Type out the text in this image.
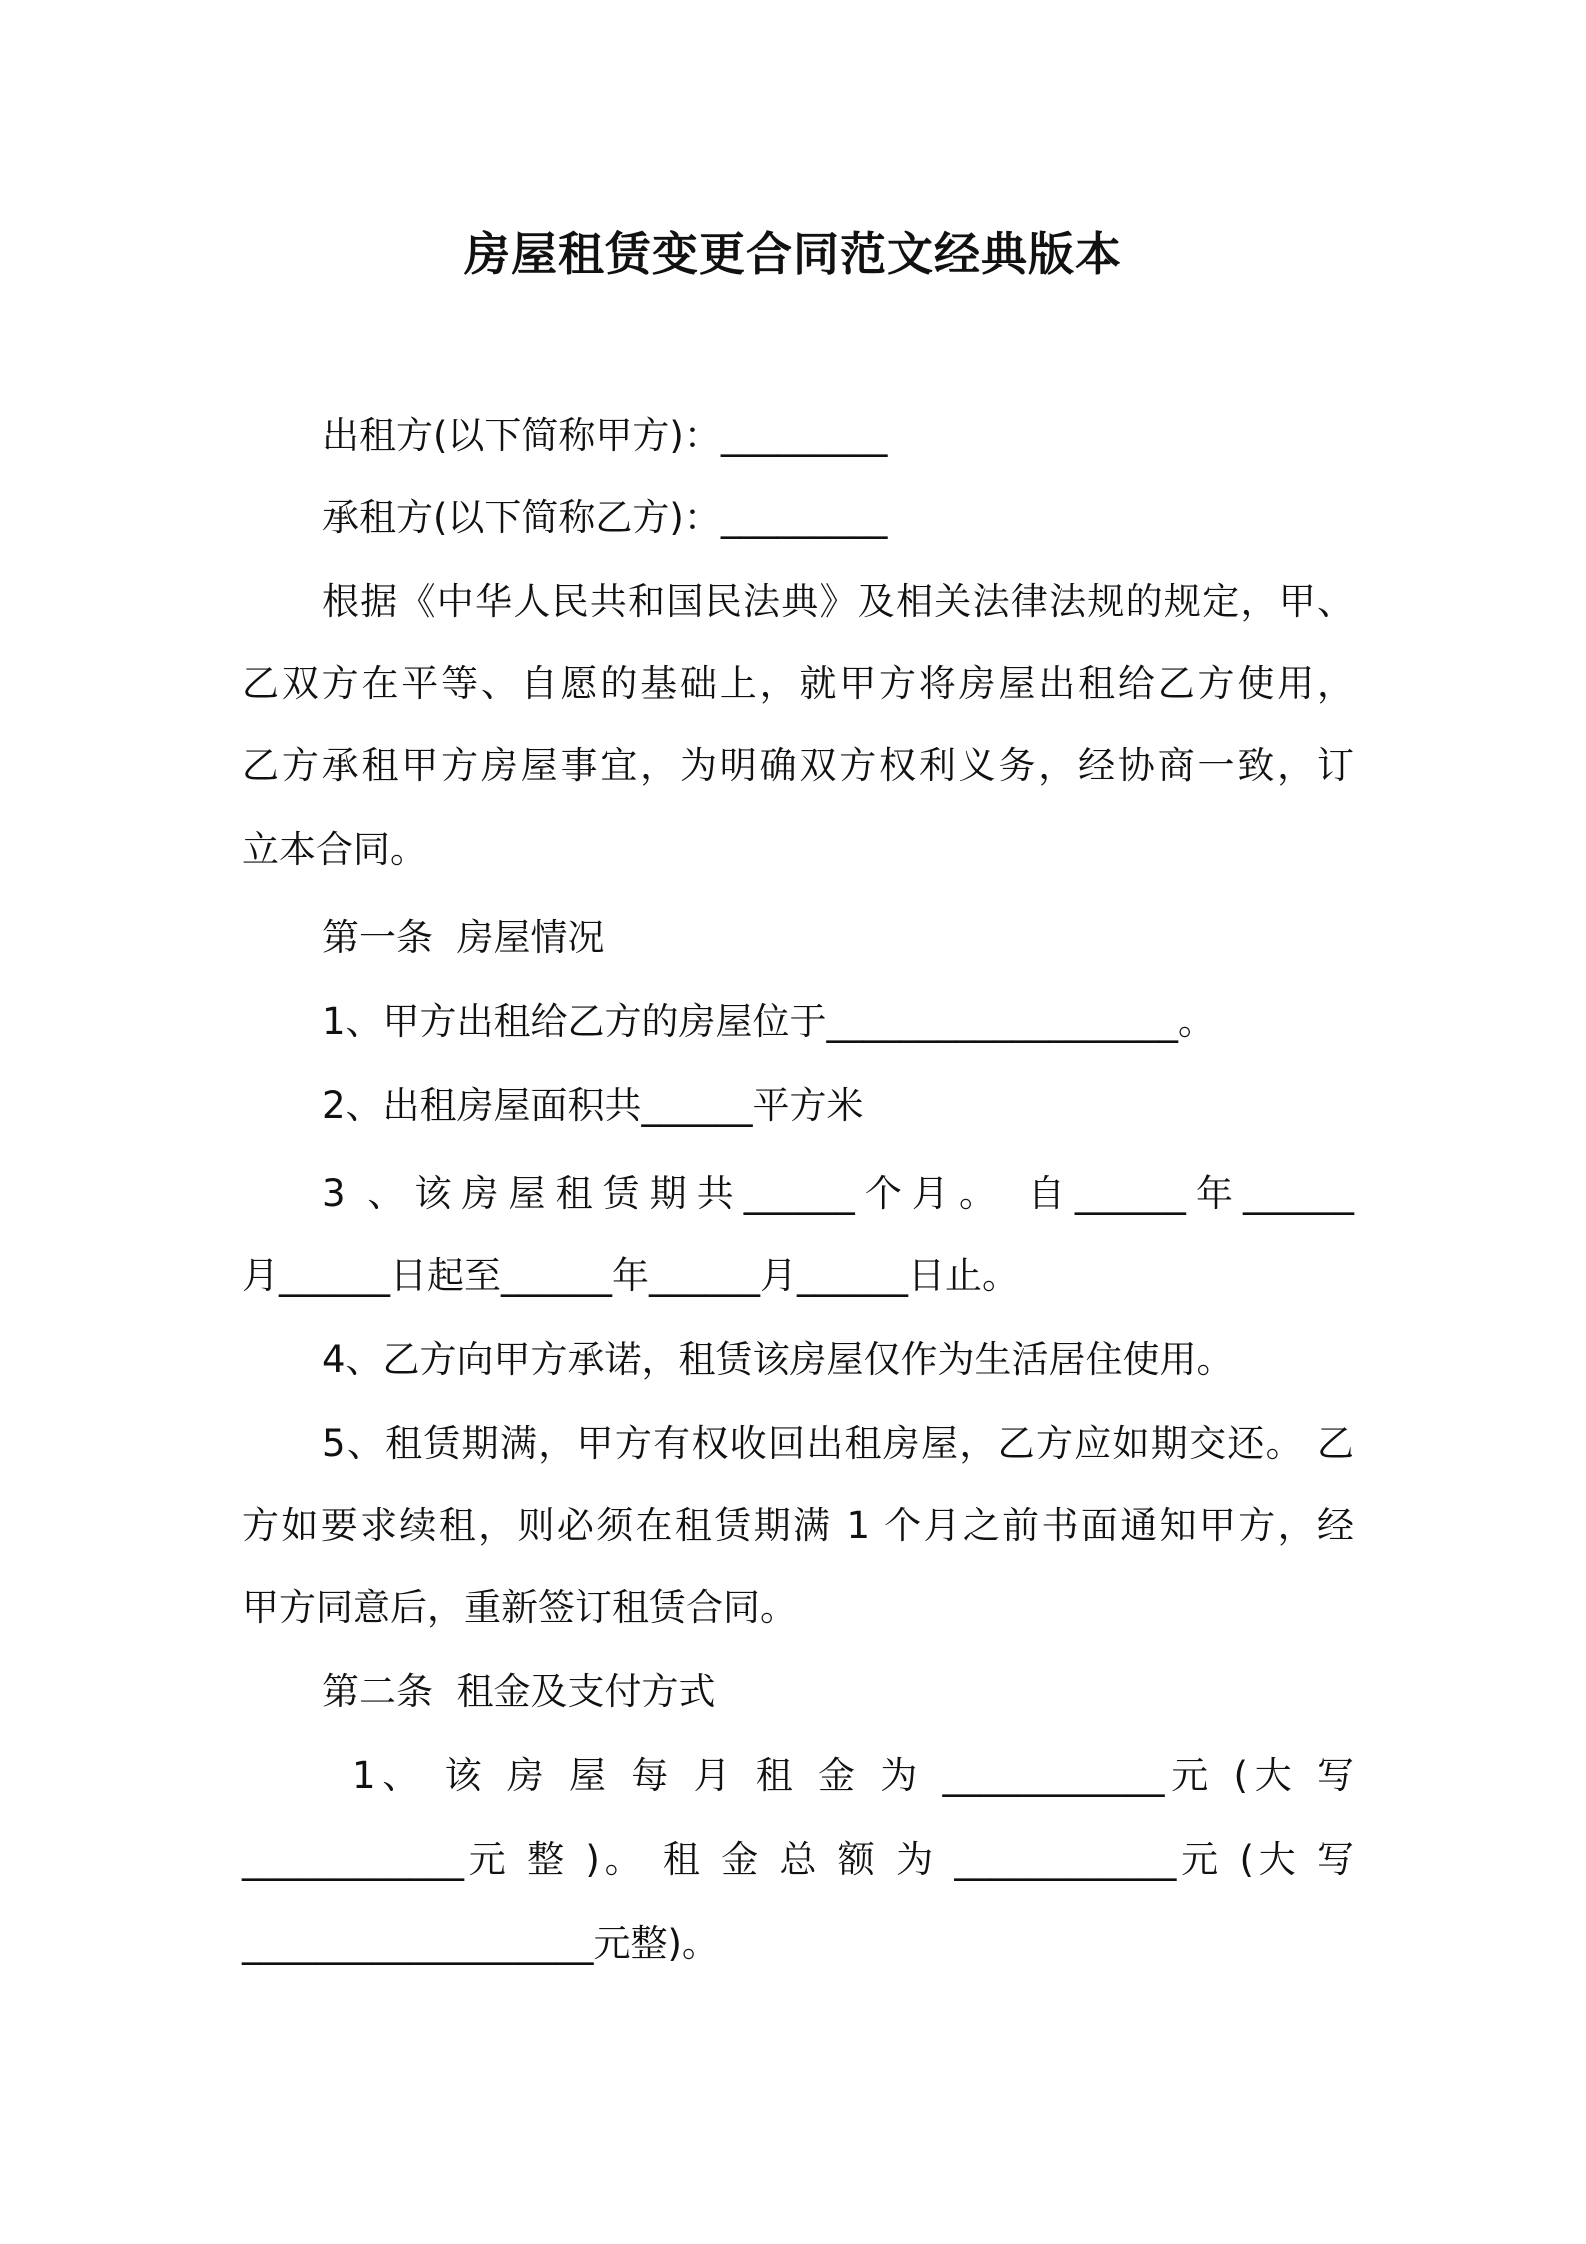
房屋租赁变更合同范文经典版本
出租方(以下简称甲方)：_________
承租方(以下简称乙方)：_________
根据《中华人民共和国民法典》及相关法律法规的规定，甲、
乙双方在平等、自愿的基础上，就甲方将房屋出租给乙方使用，
乙方承租甲方房屋事宜，为明确双方权利义务，经协商一致，订
立本合同。
第一条  房屋情况
1、甲方出租给乙方的房屋位于___________________。
2、出租房屋面积共______平方米
3 、该房屋租赁期共______个月。 自______年______
月______日起至______年______月______日止。
4、乙方向甲方承诺，租赁该房屋仅作为生活居住使用。
5、租赁期满，甲方有权收回出租房屋，乙方应如期交还。 乙
方如要求续租，则必须在租赁期满 1 个月之前书面通知甲方，经
甲方同意后，重新签订租赁合同。
第二条  租金及支付方式
1、 该 房 屋 每 月 租 金 为 ____________元 (大 写
____________元 整 )。 租 金 总 额 为 ____________元 (大 写
___________________元整)。
